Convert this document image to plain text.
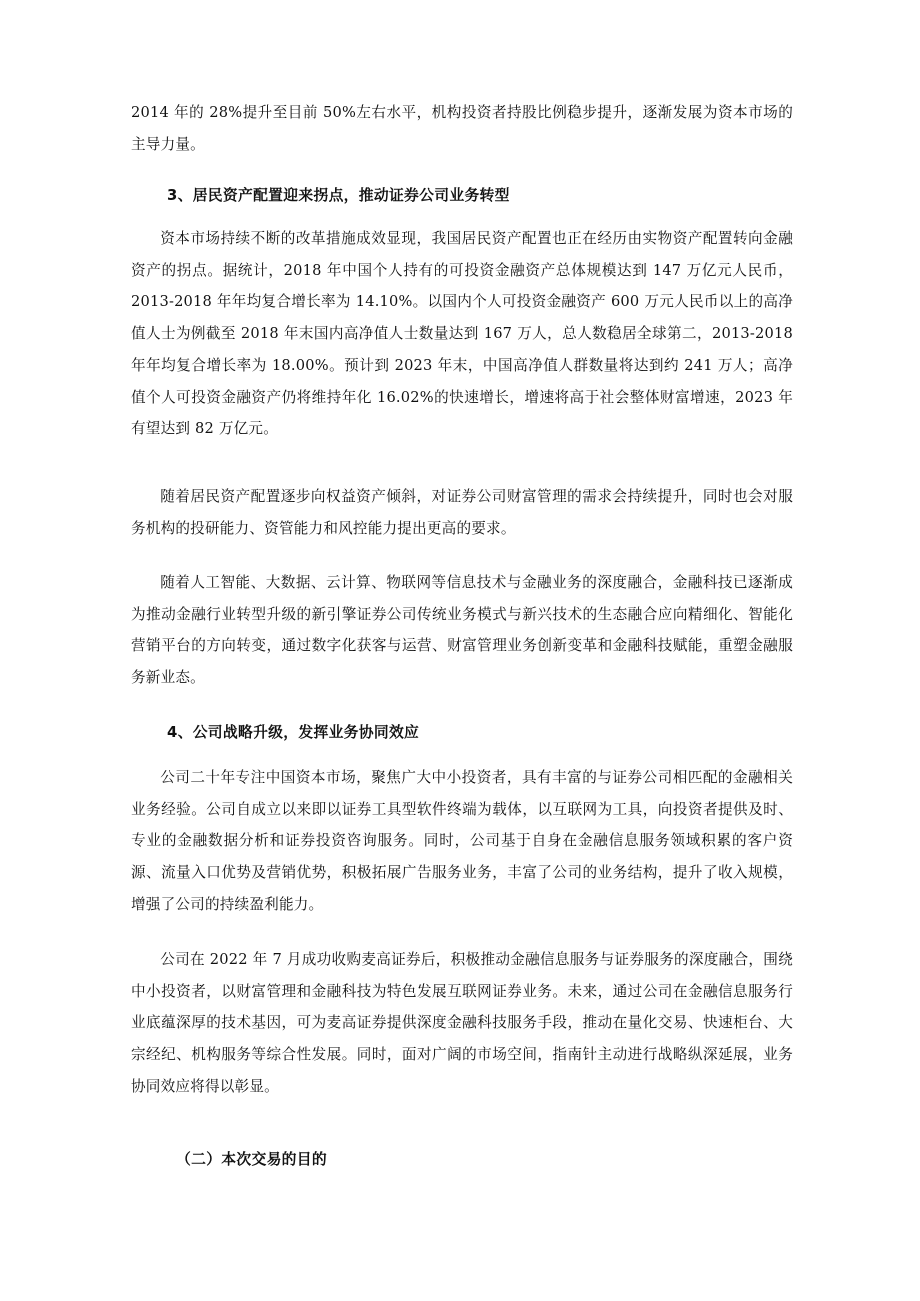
2014 年的 28%提升至目前 50%左右水平，机构投资者持股比例稳步提升，逐渐发展为资本市场的主导力量。

3、居民资产配置迎来拐点，推动证券公司业务转型

资本市场持续不断的改革措施成效显现，我国居民资产配置也正在经历由实物资产配置转向金融资产的拐点。据统计，2018 年中国个人持有的可投资金融资产总体规模达到 147 万亿元人民币，2013-2018 年年均复合增长率为 14.10%。以国内个人可投资金融资产 600 万元人民币以上的高净值人士为例截至 2018 年末国内高净值人士数量达到 167 万人，总人数稳居全球第二，2013-2018 年年均复合增长率为 18.00%。预计到 2023 年末，中国高净值人群数量将达到约 241 万人；高净值个人可投资金融资产仍将维持年化 16.02%的快速增长，增速将高于社会整体财富增速，2023 年有望达到 82 万亿元。

随着居民资产配置逐步向权益资产倾斜，对证券公司财富管理的需求会持续提升，同时也会对服务机构的投研能力、资管能力和风控能力提出更高的要求。

随着人工智能、大数据、云计算、物联网等信息技术与金融业务的深度融合，金融科技已逐渐成为推动金融行业转型升级的新引擎证券公司传统业务模式与新兴技术的生态融合应向精细化、智能化营销平台的方向转变，通过数字化获客与运营、财富管理业务创新变革和金融科技赋能，重塑金融服务新业态。

4、公司战略升级，发挥业务协同效应

公司二十年专注中国资本市场，聚焦广大中小投资者，具有丰富的与证券公司相匹配的金融相关业务经验。公司自成立以来即以证券工具型软件终端为载体，以互联网为工具，向投资者提供及时、专业的金融数据分析和证券投资咨询服务。同时，公司基于自身在金融信息服务领域积累的客户资源、流量入口优势及营销优势，积极拓展广告服务业务，丰富了公司的业务结构，提升了收入规模，增强了公司的持续盈利能力。

公司在 2022 年 7 月成功收购麦高证券后，积极推动金融信息服务与证券服务的深度融合，围绕中小投资者，以财富管理和金融科技为特色发展互联网证券业务。未来，通过公司在金融信息服务行业底蕴深厚的技术基因，可为麦高证券提供深度金融科技服务手段，推动在量化交易、快速柜台、大宗经纪、机构服务等综合性发展。同时，面对广阔的市场空间，指南针主动进行战略纵深延展，业务协同效应将得以彰显。

（二）本次交易的目的
